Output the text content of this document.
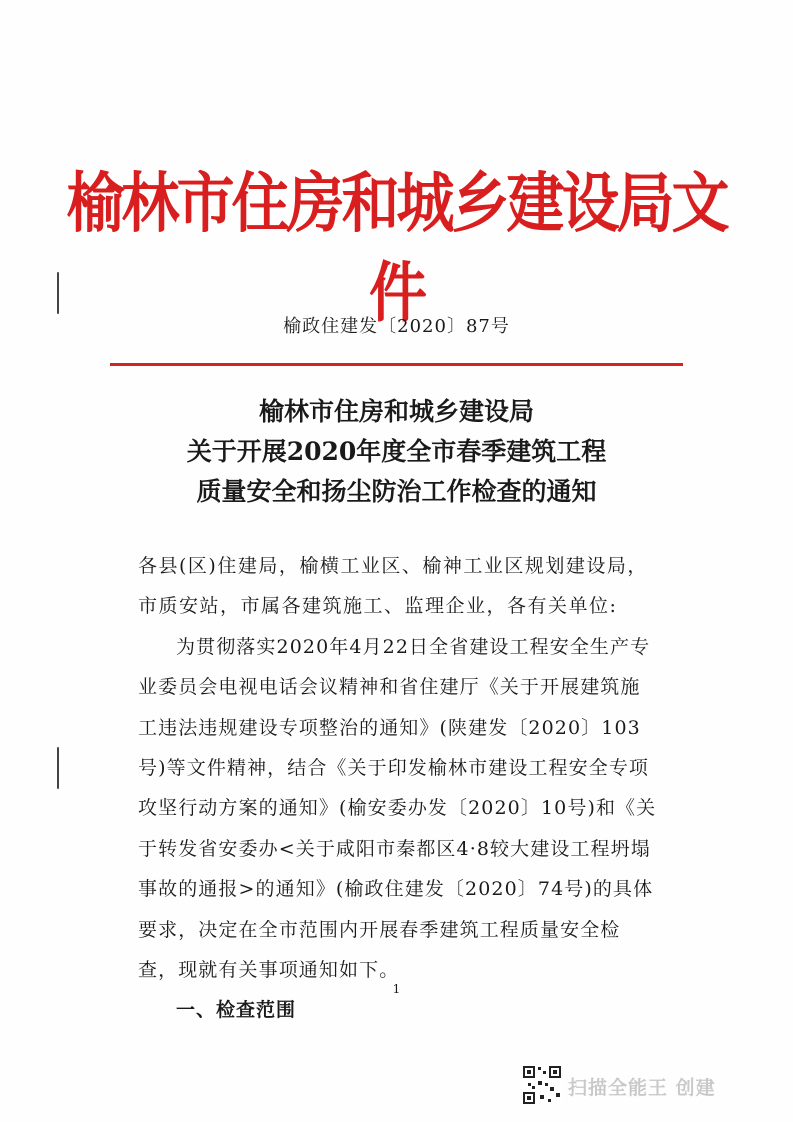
榆林市住房和城乡建设局文件
榆政住建发〔2020〕87号
榆林市住房和城乡建设局
关于开展2020年度全市春季建筑工程
质量安全和扬尘防治工作检查的通知

各县(区)住建局，榆横工业区、榆神工业区规划建设局，市质安站，市属各建筑施工、监理企业，各有关单位:

为贯彻落实2020年4月22日全省建设工程安全生产专业委员会电视电话会议精神和省住建厅《关于开展建筑施工违法违规建设专项整治的通知》(陕建发〔2020〕103号)等文件精神，结合《关于印发榆林市建设工程安全专项攻坚行动方案的通知》(榆安委办发〔2020〕10号)和《关于转发省安委办<关于咸阳市秦都区4·8较大建设工程坍塌事故的通报>的通知》(榆政住建发〔2020〕74号)的具体要求，决定在全市范围内开展春季建筑工程质量安全检查，现就有关事项通知如下。

一、检查范围

1
扫描全能王 创建
